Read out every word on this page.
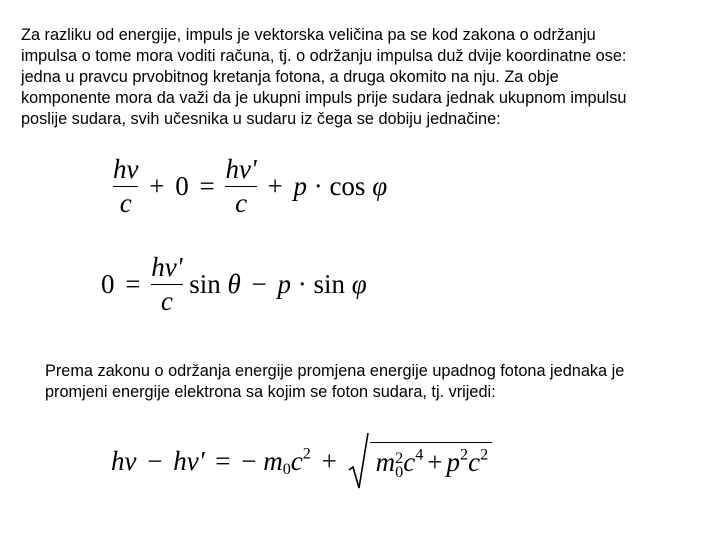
Za razliku od energije, impuls je vektorska veličina pa se kod zakona o održanju
impulsa o tome mora voditi računa, tj. o održanju impulsa duž dvije koordinatne ose:
jedna u pravcu prvobitnog kretanja fotona, a druga okomito na nju. Za obje
komponente mora da važi da je ukupni impuls prije sudara jednak ukupnom impulsu
poslije sudara, svih učesnika u sudaru iz čega se dobiju jednačine:

$\frac{h\nu}{c} + 0 = \frac{h\nu'}{c} + p \cdot \cos \varphi$
$0 = \frac{h\nu'}{c}$ sin θ − p · sin φ

Prema zakonu o održanja energije promjena energije upadnog fotona jednaka je
promjeni energije elektrona sa kojim se foton sudara, tj. vrijedi:

hν − hν' = − $m_0c^2 + m$ 2
0 $c^4 + p^2c^2$
